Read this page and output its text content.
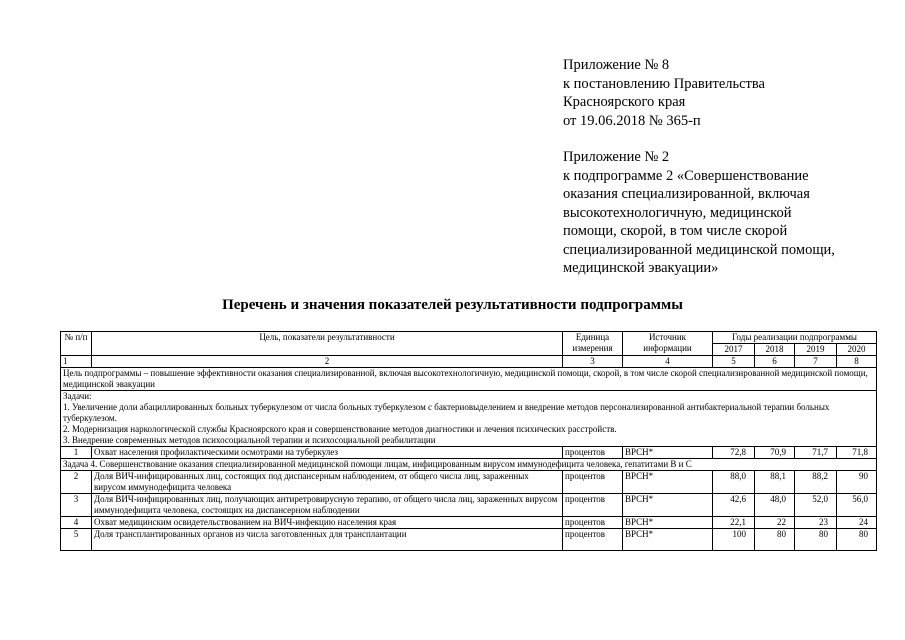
Приложение № 8
к постановлению Правительства
Красноярского края
от 19.06.2018 № 365-п
Приложение № 2
к подпрограмме 2 «Совершенствование
оказания специализированной, включая
высокотехнологичную, медицинской
помощи, скорой, в том числе скорой
специализированной медицинской помощи,
медицинской эвакуации»
Перечень и значения показателей результативности подпрограммы
№ п/п	Цель, показатели результативности	Единица измерения	Источник информации	Годы реализации подпрограммы			
				2017	2018	2019	2020
1	2	3	4	5	6	7	8
Цель подпрограммы – повышение эффективности оказания специализированной, включая высокотехнологичную, медицинской помощи, скорой, в том числе скорой специализированной медицинской помощи, медицинской эвакуации							

Задачи:
1. Увеличение доли абациллированных больных туберкулезом от числа больных туберкулезом с бактериовыделением и внедрение методов персонализированной антибактериальной терапии больных туберкулезом.
2. Модернизация наркологической службы Красноярского края и совершенствование методов диагностики и лечения психических расстройств.
3. Внедрение современных методов психосоциальной терапии и психосоциальной реабилитации							

1	Охват населения профилактическими осмотрами на туберкулез	процентов	ВРСН*	72,8	70,9	71,7	71,8
Задача 4. Совершенствование оказания специализированной медицинской помощи лицам, инфицированным вирусом иммунодефицита человека, гепатитами В и С							
2	Доля ВИЧ-инфицированных лиц, состоящих под диспансерным наблюдением, от общего числа лиц, зараженных вирусом иммунодефицита человека	процентов	ВРСН*	88,0	88,1	88,2	90
3	Доля ВИЧ-инфицированных лиц, получающих антиретровирусную терапию, от общего числа лиц, зараженных вирусом иммунодефицита человека, состоящих на диспансерном наблюдении	процентов	ВРСН*	42,6	48,0	52,0	56,0
4	Охват медицинским освидетельствованием на ВИЧ-инфекцию населения края	процентов	ВРСН*	22,1	22	23	24
5	Доля трансплантированных органов из числа заготовленных для трансплантации	процентов	ВРСН*	100	80	80	80
